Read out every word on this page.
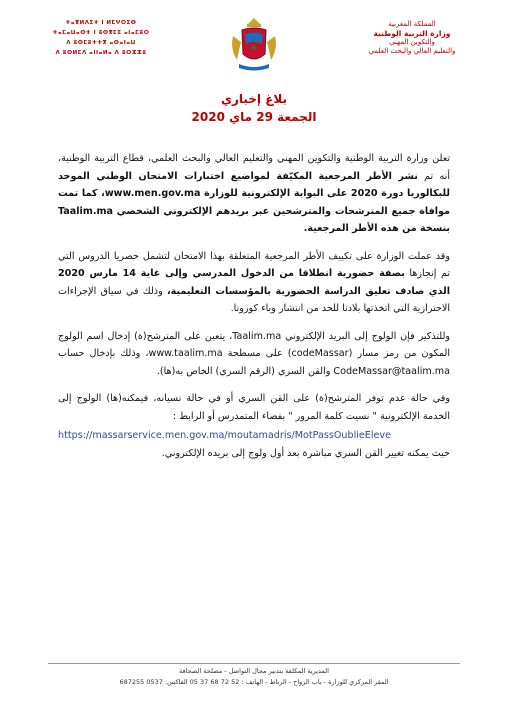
ⵜⴰⴳⵍⴷⵉⵜ ⵏ ⵍⵎⵖⵔⵉⴱ
ⵜⴰⵎⴰⵡⴰⵙⵜ ⵏ ⵓⵙⴳⵎⵉ ⴰⵏⴰⵎⵓⵔ
ⴷ ⵓⵙⵎⵓⵜⵜⴳ ⴰⵙⴰⵏⴰⵡ
ⴷ ⵓⵙⵍⵎⴷ ⴰⵏⵏⴰⵍⴰ ⴷ ⵓⵔⵣⵣⵓ
المملكة المغربية
وزارة التربية الوطنية
والتكوين المهني
والتعليم العالي والبحث العلمي

بلاغ إخباري

الجمعة 29 ماي 2020

تعلن وزارة التربية الوطنية والتكوين المهني والتعليم العالي والبحث العلمي، قطاع التربية الوطنية، أنه تم نشر الأطر المرجعية المكيّفة لمواضيع اختبارات الامتحان الوطني الموحد للبكالوريا دورة 2020 على البوابة الإلكترونية للوزارة www.men.gov.ma، كما تمت موافاة جميع المترشحات والمترشحين عبر بريدهم الإلكتروني الشخصي Taalim.ma بنسخة من هذه الأطر المرجعية.

وقد عملت الوزارة على تكييف الأطر المرجعية المتعلقة بهذا الامتحان لتشمل حصريا الدروس التي تم إنجازها بصفة حضورية انطلاقا من الدخول المدرسي وإلى غاية 14 مارس 2020 الذي صادف تعليق الدراسة الحضورية بالمؤسسات التعليمية، وذلك في سياق الإجراءات الاحترازية التي اتخذتها بلادنا للحد من انتشار وباء كورونا.

وللتذكير فإن الولوج إلى البريد الإلكتروني Taalim.ma، يتعين على المترشح(ة) إدخال اسم الولوج المكون من رمز مسار (codeMassar) على مسطحة www.taalim.ma، وذلك بإدخال حساب CodeMassar@taalim.ma والقن السري (الرقم السري) الخاص به(ها).

وفي حالة عدم توفر المترشح(ة) على القن السري أو في حالة نسيانه، فيمكنه(ها) الولوج إلى الخدمة الإلكترونية " نسيت كلمة المرور " بفضاء المتمدرس أو الرابط :

https://massarservice.men.gov.ma/moutamadris/MotPassOublieEleve

حيث يمكنه تغيير القن السري مباشرة بعد أول ولوج إلى بريده الإلكتروني.

المديرية المكلفة بتدبير مجال التواصل - مصلحة الصحافة
المقر المركزي للوزارة - باب الرواح - الرباط - الهاتف : 52 72 68 37 05 الفاكس: 0537 687255
